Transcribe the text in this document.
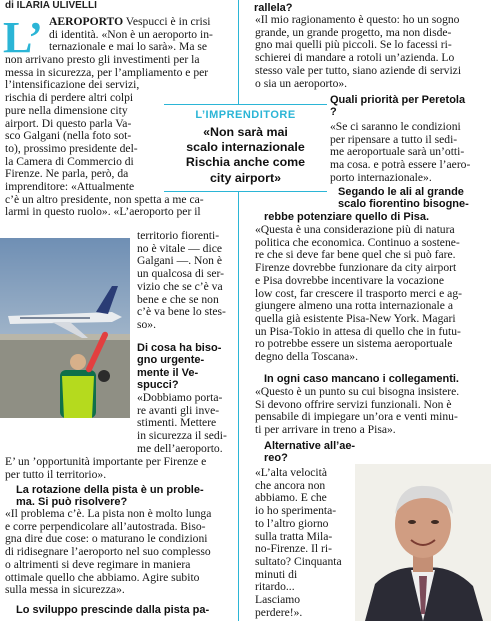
di ILARIA ULIVELLI
L’ AEROPORTO Vespucci è in crisi
di identità. «Non è un aeroporto in-
ternazionale e mai lo sarà». Ma se
non arrivano presto gli investimenti per la
messa in sicurezza, per l’ampliamento e per
l’intensificazione dei servizi,
rischia di perdere altri colpi
pure nella dimensione city
airport. Di questo parla Va-
sco Galgani (nella foto sot-
to), prossimo presidente del-
la Camera di Commercio di
Firenze. Ne parla, però, da
imprenditore: «Attualmente
c’è un altro presidente, non spetta a me ca-
larmi in questo ruolo». «L’aeroporto per il
L’IMPRENDITORE
«Non sarà mai
scalo internazionale
Rischia anche come
city airport»
territorio fiorenti-
no è vitale — dice
Galgani —. Non è
un qualcosa di ser-
vizio che se c’è va
bene e che se non
c’è va bene lo stes-
so».
Di cosa ha biso-
gno urgente-
mente il Ve-
spucci?
«Dobbiamo porta-
re avanti gli inve-
stimenti. Mettere
in sicurezza il sedi-
me dell’aeroporto.
E’ un ’opportunità importante per Firenze e
per tutto il territorio».
La rotazione della pista è un proble-
ma. Si può risolvere?
«Il problema c’è. La pista non è molto lunga
e corre perpendicolare all’autostrada. Biso-
gna dire due cose: o maturano le condizioni
di ridisegnare l’aeroporto nel suo complesso
o altrimenti si deve regimare in maniera
ottimale quello che abbiamo. Agire subito
sulla messa in sicurezza».
Lo sviluppo prescinde dalla pista pa-
rallela?
«Il mio ragionamento è questo: ho un sogno
grande, un grande progetto, ma non disde-
gno mai quelli più piccoli. Se lo facessi ri-
schierei di mandare a rotoli un’azienda. Lo
stesso vale per tutto, siano aziende di servizi
o sia un aeroporto».
Quali priorità per Peretola
?
«Se ci saranno le condizioni
per ripensare a tutto il sedi-
me aeroportuale sarà un’otti-
ma cosa. e potrà essere l’aero-
porto internazionale».
Segando le ali al grande
scalo fiorentino bisogne-
rebbe potenziare quello di Pisa.
«Questa è una considerazione più di natura
politica che economica. Continuo a sostene-
re che si deve far bene quel che si può fare.
Firenze dovrebbe funzionare da city airport
e Pisa dovrebbe incentivare la vocazione
low cost, far crescere il trasporto merci e ag-
giungere almeno una rotta internazionale a
quella già esistente Pisa-New York. Magari
un Pisa-Tokio in attesa di quello che in futu-
ro potrebbe essere un sistema aeroportuale
degno della Toscana».
In ogni caso mancano i collegamenti.
«Questo è un punto su cui bisogna insistere.
Si devono offrire servizi funzionali. Non è
pensabile di impiegare un’ora e venti minu-
ti per arrivare in treno a Pisa».
Alternative all’ae-
reo?
«L’alta velocità
che ancora non
abbiamo. E che
io ho sperimenta-
to l’altro giorno
sulla tratta Mila-
no-Firenze. Il ri-
sultato? Cinquanta
minuti di
ritardo...
Lasciamo
perdere!».
